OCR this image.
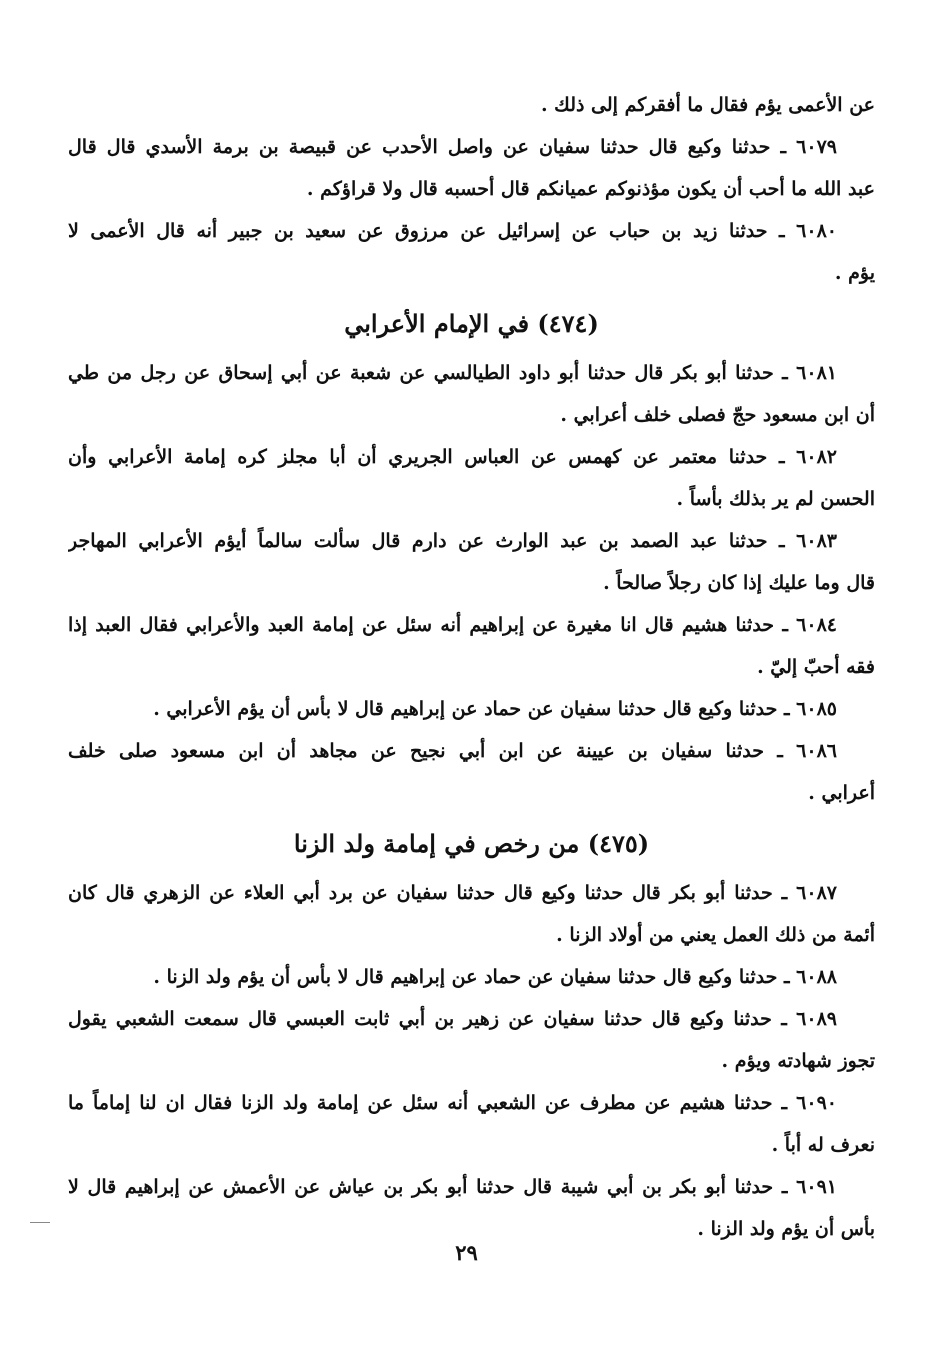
عن الأعمى يؤم فقال ما أفقركم إلى ذلك .
٦٠٧٩ ـ حدثنا وكيع قال حدثنا سفيان عن واصل الأحدب عن قبيصة بن برمة الأسدي قال قال
عبد الله ما أحب أن يكون مؤذنوكم عميانكم قال أحسبه قال ولا قراؤكم .
٦٠٨٠ ـ حدثنا زيد بن حباب عن إسرائيل عن مرزوق عن سعيد بن جبير أنه قال الأعمى لا
يؤم .
(٤٧٤) في الإمام الأعرابي
٦٠٨١ ـ حدثنا أبو بكر قال حدثنا أبو داود الطيالسي عن شعبة عن أبي إسحاق عن رجل من طي
أن ابن مسعود حجّ فصلى خلف أعرابي .
٦٠٨٢ ـ حدثنا معتمر عن كهمس عن العباس الجريري أن أبا مجلز كره إمامة الأعرابي وأن
الحسن لم ير بذلك بأساً .
٦٠٨٣ ـ حدثنا عبد الصمد بن عبد الوارث عن دارم قال سألت سالماً أيؤم الأعرابي المهاجر
قال وما عليك إذا كان رجلاً صالحاً .
٦٠٨٤ ـ حدثنا هشيم قال انا مغيرة عن إبراهيم أنه سئل عن إمامة العبد والأعرابي فقال العبد إذا
فقه أحبّ إليّ .
٦٠٨٥ ـ حدثنا وكيع قال حدثنا سفيان عن حماد عن إبراهيم قال لا بأس أن يؤم الأعرابي .
٦٠٨٦ ـ حدثنا سفيان بن عيينة عن ابن أبي نجيح عن مجاهد أن ابن مسعود صلى خلف
أعرابي .
(٤٧٥) من رخص في إمامة ولد الزنا
٦٠٨٧ ـ حدثنا أبو بكر قال حدثنا وكيع قال حدثنا سفيان عن برد أبي العلاء عن الزهري قال كان
أئمة من ذلك العمل يعني من أولاد الزنا .
٦٠٨٨ ـ حدثنا وكيع قال حدثنا سفيان عن حماد عن إبراهيم قال لا بأس أن يؤم ولد الزنا .
٦٠٨٩ ـ حدثنا وكيع قال حدثنا سفيان عن زهير بن أبي ثابت العبسي قال سمعت الشعبي يقول
تجوز شهادته ويؤم .
٦٠٩٠ ـ حدثنا هشيم عن مطرف عن الشعبي أنه سئل عن إمامة ولد الزنا فقال ان لنا إماماً ما
نعرف له أباً .
٦٠٩١ ـ حدثنا أبو بكر بن أبي شيبة قال حدثنا أبو بكر بن عياش عن الأعمش عن إبراهيم قال لا
بأس أن يؤم ولد الزنا .
٢٩
